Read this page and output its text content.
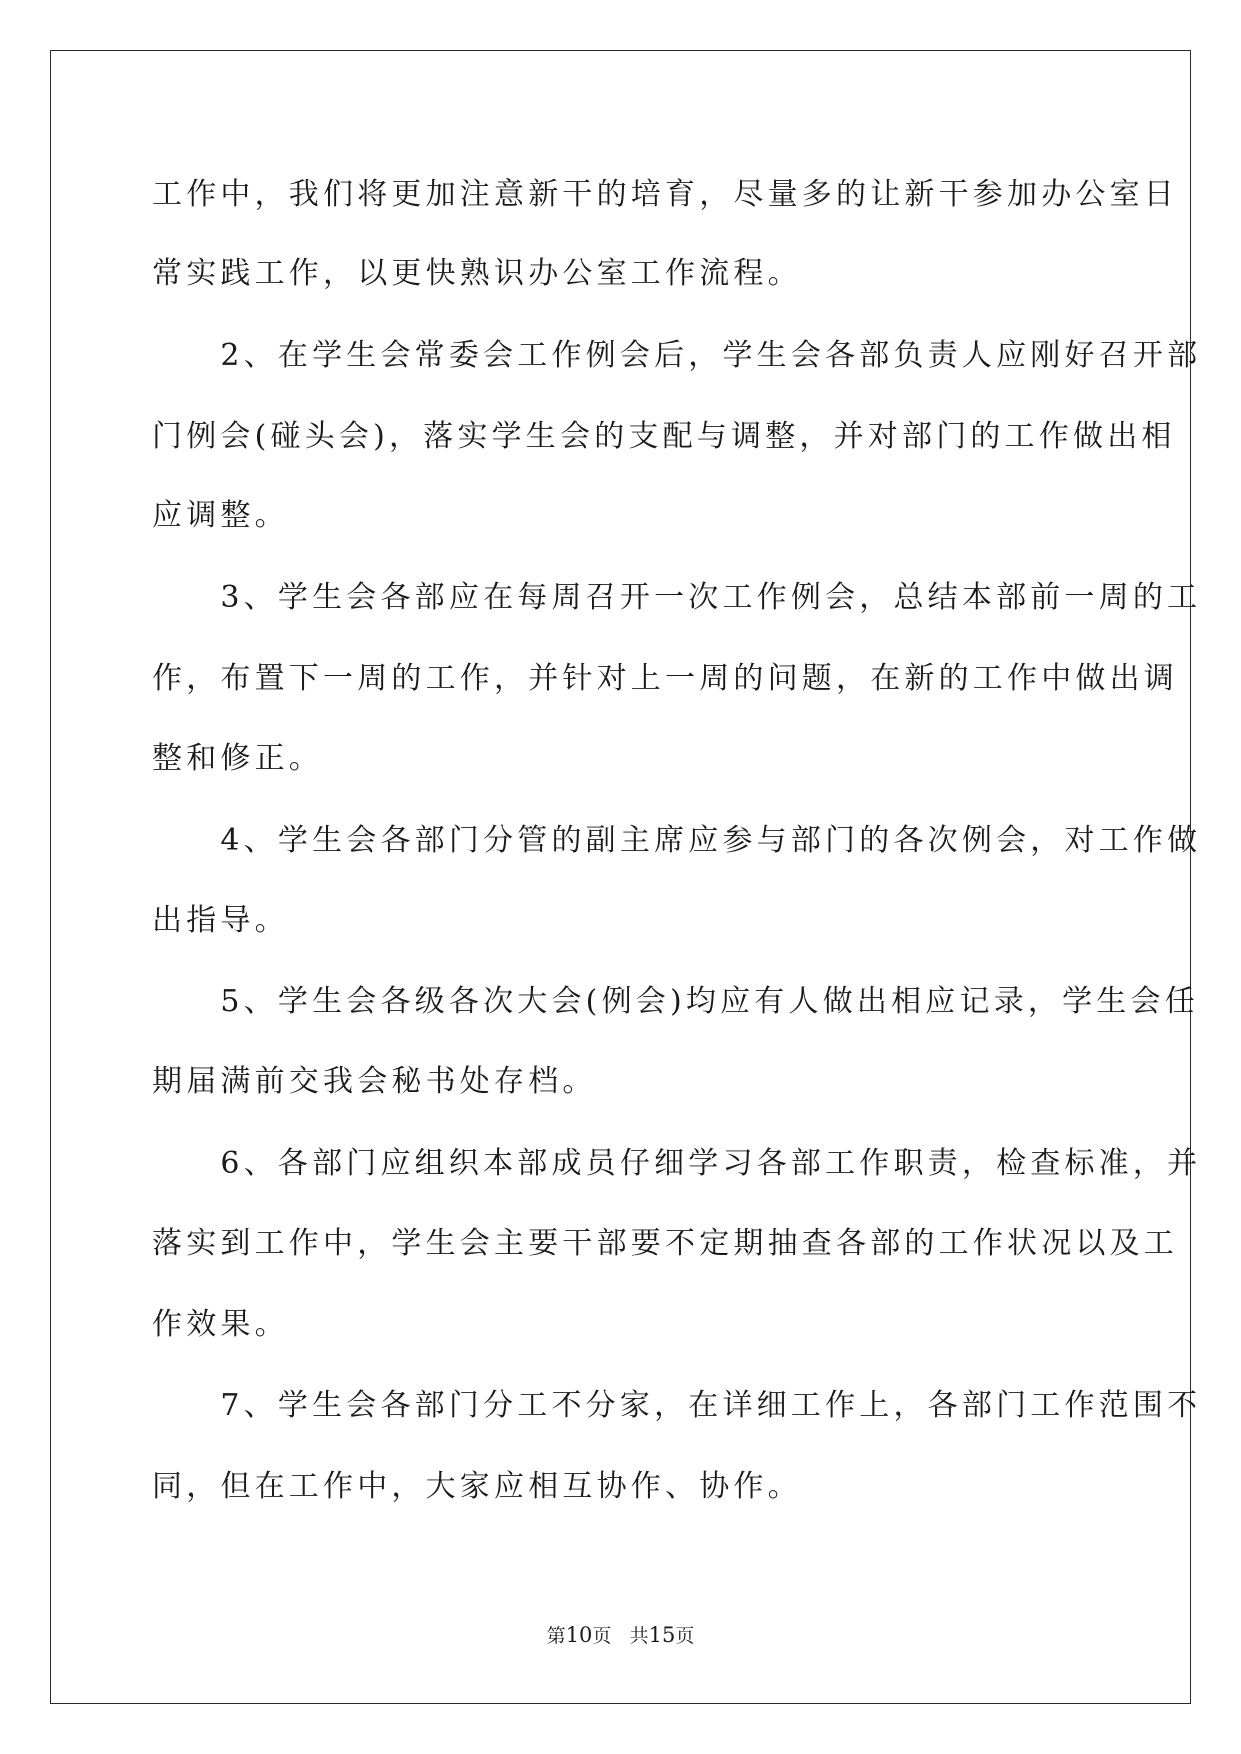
工作中，我们将更加注意新干的培育，尽量多的让新干参加办公室日
常实践工作，以更快熟识办公室工作流程。
　　2、在学生会常委会工作例会后，学生会各部负责人应刚好召开部
门例会(碰头会)，落实学生会的支配与调整，并对部门的工作做出相
应调整。
　　3、学生会各部应在每周召开一次工作例会，总结本部前一周的工
作，布置下一周的工作，并针对上一周的问题，在新的工作中做出调
整和修正。
　　4、学生会各部门分管的副主席应参与部门的各次例会，对工作做
出指导。
　　5、学生会各级各次大会(例会)均应有人做出相应记录，学生会任
期届满前交我会秘书处存档。
　　6、各部门应组织本部成员仔细学习各部工作职责，检查标准，并
落实到工作中，学生会主要干部要不定期抽查各部的工作状况以及工
作效果。
　　7、学生会各部门分工不分家，在详细工作上，各部门工作范围不
同，但在工作中，大家应相互协作、协作。
第10页 共15页
